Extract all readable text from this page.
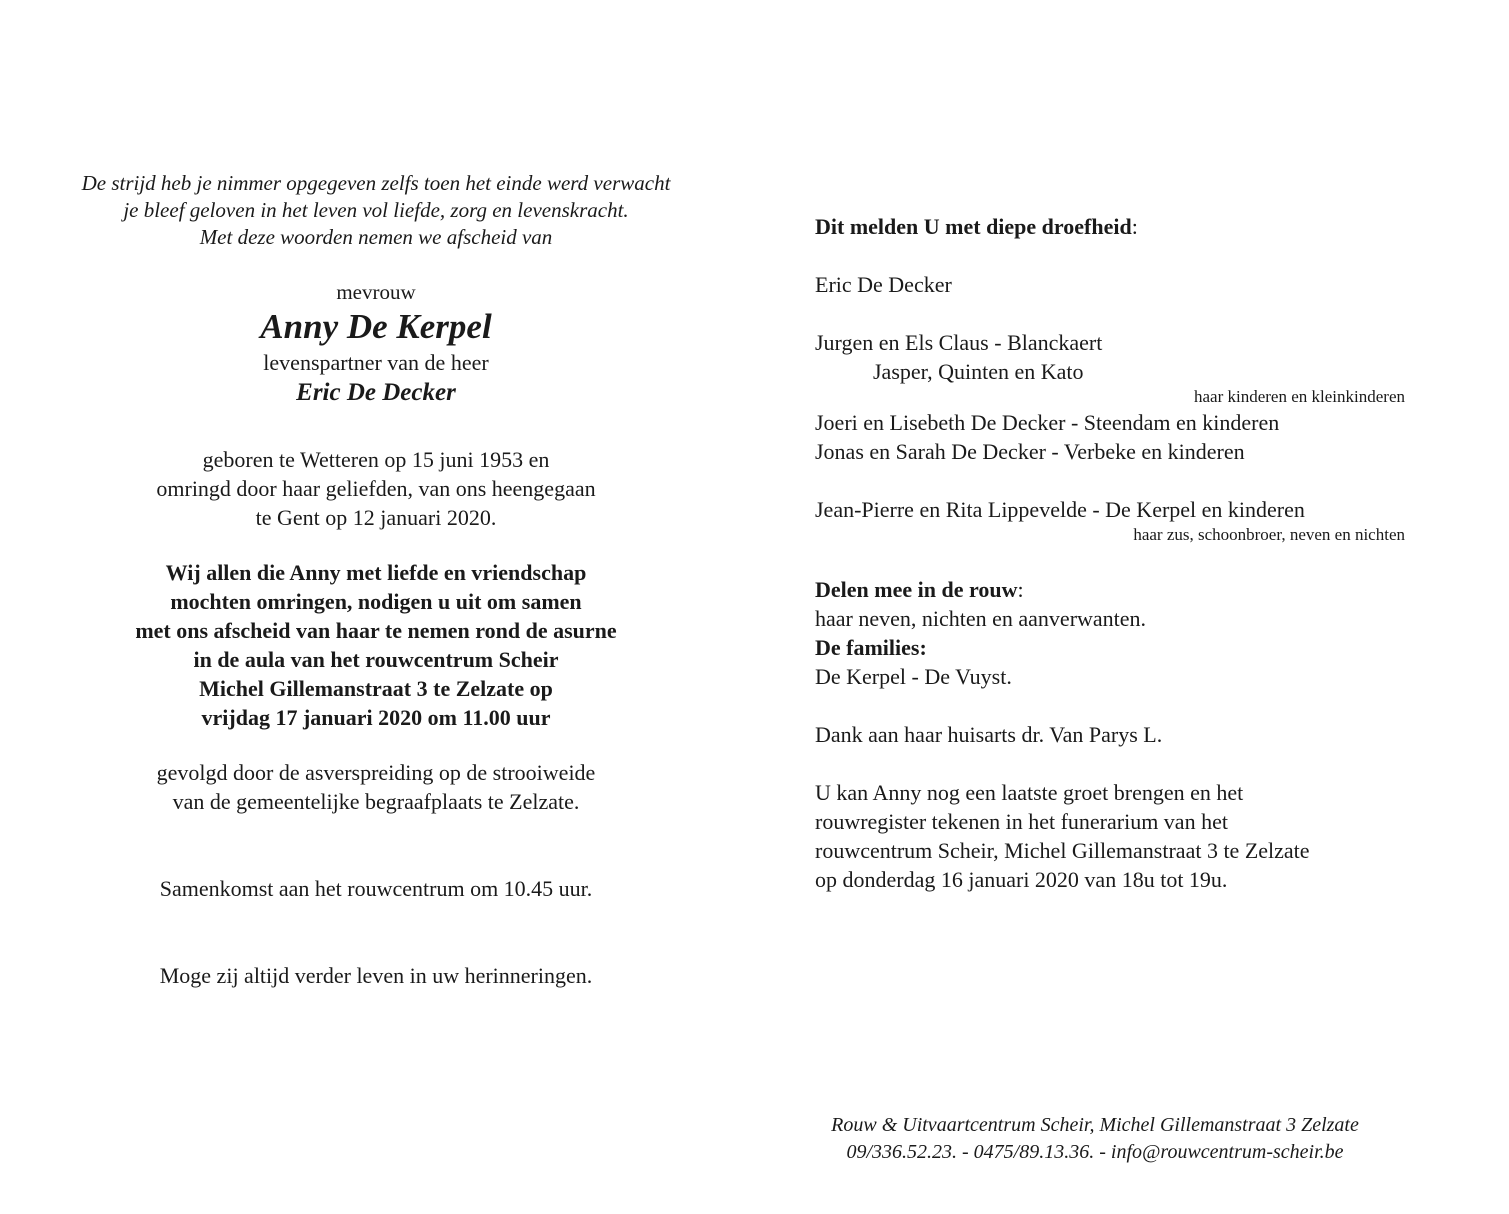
De strijd heb je nimmer opgegeven zelfs toen het einde werd verwacht
je bleef geloven in het leven vol liefde, zorg en levenskracht.
Met deze woorden nemen we afscheid van

mevrouw
Anny De Kerpel
levenspartner van de heer
Eric De Decker

geboren te Wetteren op 15 juni 1953 en
omringd door haar geliefden, van ons heengegaan
te Gent op 12 januari 2020.

Wij allen die Anny met liefde en vriendschap
mochten omringen, nodigen u uit om samen
met ons afscheid van haar te nemen rond de asurne
in de aula van het rouwcentrum Scheir
Michel Gillemanstraat 3 te Zelzate op
vrijdag 17 januari 2020 om 11.00 uur

gevolgd door de asverspreiding op de strooiweide
van de gemeentelijke begraafplaats te Zelzate.

Samenkomst aan het rouwcentrum om 10.45 uur.

Moge zij altijd verder leven in uw herinneringen.

Dit melden U met diepe droefheid:
Eric De Decker
Jurgen en Els Claus - Blanckaert
Jasper, Quinten en Kato
haar kinderen en kleinkinderen
Joeri en Lisebeth De Decker - Steendam en kinderen
Jonas en Sarah De Decker - Verbeke en kinderen
Jean-Pierre en Rita Lippevelde - De Kerpel en kinderen
haar zus, schoonbroer, neven en nichten
Delen mee in de rouw:
haar neven, nichten en aanverwanten.
De families:
De Kerpel - De Vuyst.
Dank aan haar huisarts dr. Van Parys L.
U kan Anny nog een laatste groet brengen en het
rouwregister tekenen in het funerarium van het
rouwcentrum Scheir, Michel Gillemanstraat 3 te Zelzate
op donderdag 16 januari 2020 van 18u tot 19u.
Rouw & Uitvaartcentrum Scheir, Michel Gillemanstraat 3 Zelzate
09/336.52.23. - 0475/89.13.36. - info@rouwcentrum-scheir.be
